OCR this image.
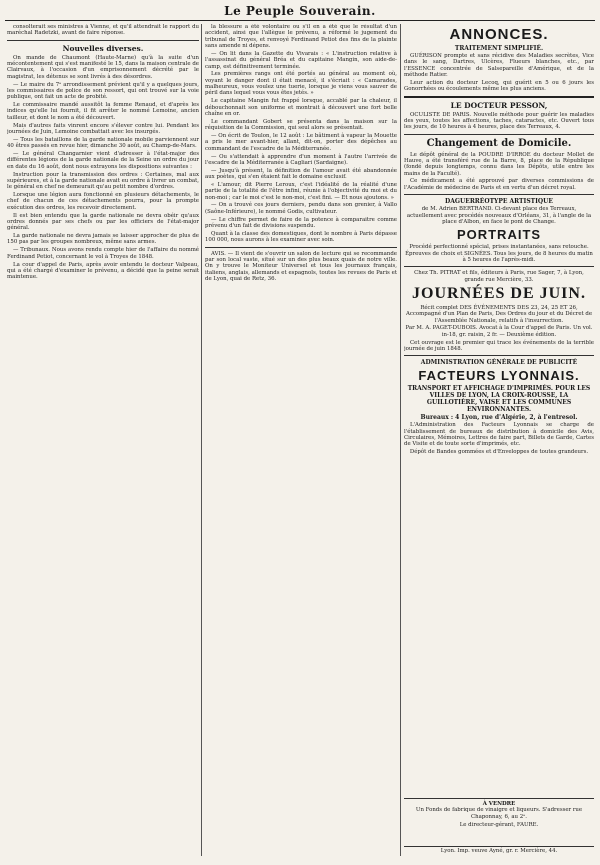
Le Peuple Souverain.

consolterait ses ministres à Vienne, et qu'il attendrait le rapport du maréchal Radetzki, avant de faire réponse.

Nouvelles diverses.

On mande de Chaumont (Haute-Marne) qu'à la suite d'un mécontentement qui s'est manifesté le 15, dans la maison centrale de Clairvaux, à l'occasion d'un emprisonnement décrété par le magistrat, les détenus se sont livrés à des désordres.

— Le maire du 7ᵉ arrondissement prévient qu'il y a quelques jours, les commissaires de police de son ressort, qui ont trouvé sur la voie publique, ont fait un acte de probité.

Le commissaire mandé aussitôt la femme Renaud, et d'après les indices qu'elle lui fournit, il fit arrêter le nommé Lemoine, ancien tailleur, et dont le nom a été découvert.

Mais d'autres faits vinrent encore s'élever contre lui. Pendant les journées de Juin, Lemoine combattait avec les insurgés.

— Tous les bataillons de la garde nationale mobile parviennent sur 40 êtres passés en revue hier, dimanche 30 août, au Champ-de-Mars.

— Le général Changarnier vient d'adresser à l'état-major des différentes légions de la garde nationale de la Seine un ordre du jour en date du 16 août, dont nous extrayons les dispositions suivantes :

Instruction pour la transmission des ordres : Certaines, mal aux supérieures, et à la garde nationale avait eu ordre à livrer un combat, le général en chef ne demeurait qu'au petit nombre d'ordres.

Lorsque une légion aura fonctionné en plusieurs détachements, le chef de chacun de ces détachements pourra, pour la prompte exécution des ordres, les recevoir directement.

Il est bien entendu que la garde nationale ne devra obéir qu'aux ordres donnés par ses chefs ou par les officiers de l'état-major général.

La garde nationale ne devra jamais se laisser approcher de plus de 150 pas par les groupes nombreux, même sans armes.

— Tribunaux. Nous avons rendu compte hier de l'affaire du nommé Ferdinand Petiot, concernant le vol à Troyes de 1848.

La cour d'appel de Paris, après avoir entendu le docteur Valpeau, qui a été chargé d'examiner le prévenu, a décidé que la peine serait maintenue.

la blessure a été volontaire ou s'il en a été que le résultat d'un accident, ainsi que l'allègue le prévenu, a réformé le jugement du tribunal de Troyes, et renvoyé Ferdinand Petiot des fins de la plainte sans amende ni dépens.

— On lit dans la Gazette du Vivarais : « L'instruction relative à l'assassinat du général Bréa et du capitaine Mangin, son aide-de-camp, est définitivement terminée.

Les premières rangs ont été portés au général au moment où, voyant le danger dont il était menacé, il s'écriait : « Camarades, malheureux, vous voulez une tuerie, lorsque je viens vous sauver de péril dans lequel vous vous êtes jetés. »

Le capitaine Mangin fut frappé lorsque, accablé par la chaleur, il débouchonnait son uniforme et montrait à découvert une fort belle chaîne en or.

Le commandant Gobert se présenta dans la maison sur la réquisition de la Commission, qui seul alors se présentait.

— On écrit de Toulon, le 12 août : Le bâtiment à vapeur la Mouette a pris le mer avant-hier, allant, dit-on, porter des dépêches au commandant de l'escadre de la Méditerranée.

— Ou s'attendait à apprendre d'un moment à l'autre l'arrivée de l'escadre de la Méditerranée à Cagliari (Sardaigne).

— Jusqu'à présent, la définition de l'amour avait été abandonnée aux poètes, qui s'en étaient fait le domaine exclusif.

« L'amour, dit Pierre Leroux, c'est l'idéalité de la réalité d'une partie de la totalité de l'être infini, réunie à l'objectivité du moi et du non-moi ; car le moi c'est le non-moi, c'est fini. — Et nous ajoutons. »

— On a trouvé ces jours derniers, pendu dans son grenier, à Vallo (Saône-Inférieure), le nommé Godis, cultivateur.

— Le chiffre permet de faire de la potence à comparaitre comme prévenu d'un fait de divisions suspendu.

Quant à la classe des domestiques, dont le nombre à Paris dépasse 100 000, nous aurons à les examiner avec soin.

AVIS. — Il vient de s'ouvrir un salon de lecture qui se recommande par son local vaste, situé sur un des plus beaux quais de notre ville. On y trouve le Moniteur Universel et tous les journaux français, italiens, anglais, allemands et espagnols, toutes les revues de Paris et de Lyon, quai de Retz, 36.

ANNONCES.

TRAITEMENT SIMPLIFIÉ.

GUÉRISON prompte et sans récidive des Maladies secrètes, Vice dans le sang, Dartres, Ulcères, Flueurs blanches, etc., par l'ESSENCE concentrée de Salsepareille d'Amérique, et de la méthode Ratier.

Leur action du docteur Lecoq, qui guérit en 5 ou 6 jours les Gonorrhées ou écoulements même les plus anciens.

LE DOCTEUR PESSON,

OCULISTE DE PARIS. Nouvelle méthode pour guérir les maladies des yeux, toutes les affections, taches, cataractes, etc. Ouvert tous les jours, de 10 heures à 4 heures, place des Terreaux, 4.

Changement de Domicile.

Le dépôt général de la POUDRE D'IRROE du docteur Mollet de Hauve, a été transféré rue de la Barre, 8, place de la République (fondé depuis longtemps, connu dans les Dépôts, utile entre les mains de la Faculté).

Ce médicament a été approuvé par diverses commissions de l'Académie de médecine de Paris et en vertu d'un décret royal.

DAGUERRÉOTYPE ARTISTIQUE

de M. Adrien BERTRAND. Ci-devant place des Terreaux, actuellement avec procédés nouveaux d'Orléans, 31, à l'angle de la place d'Albon, en face le pont de Change.

PORTRAITS

Procédé perfectionné spécial, prises instantanées, sans retouche. Épreuves de choix et SIGNÉES. Tous les jours, de 8 heures du matin à 5 heures de l'après-midi.

Chez Th. PITRAT et fils, éditeurs à Paris, rue Sager, 7, à Lyon, grande rue Mercière, 33.

JOURNÉES DE JUIN.

Récit complet DES ÉVÉNEMENTS DES 23, 24, 25 ET 26, Accompagné d'un Plan de Paris, Des Ordres du jour et du Décret de l'Assemblée Nationale, relatifs à l'insurrection.

Par M. A. PAGET-DUBOIS. Avocat à la Cour d'appel de Paris. Un vol. in-18, gr. raisin, 2 fr. — Deuxième édition.

Cet ouvrage est le premier qui trace les événements de la terrible journée de juin 1848.

ADMINISTRATION GÉNÉRALE DE PUBLICITÉ

FACTEURS LYONNAIS.

TRANSPORT ET AFFICHAGE D'IMPRIMÉS. POUR LES VILLES DE LYON, LA CROIX-ROUSSE, LA GUILLOTIÈRE, VAISE ET LES COMMUNES ENVIRONNANTES.

Bureaux : 4 Lyon, rue d'Algérie, 2, à l'entresol.

L'Administration des Facteurs Lyonnais se charge de l'établissement de bureaux de distribution à domicile des Avis, Circulaires, Mémoires, Lettres de faire part, Billets de Garde, Cartes de Visite et de toute sorte d'imprimés, etc.

Dépôt de Bandes gommées et d'Enveloppes de toutes grandeurs.

À VENDRE
Un Fonds de fabrique de vinaigre et liqueurs. S'adresser rue Chaponnay, 6, au 2ᵉ.
Le directeur-gérant, FAURE.
Lyon. Imp. veuve Ayné, gr. r. Mercière, 44.
